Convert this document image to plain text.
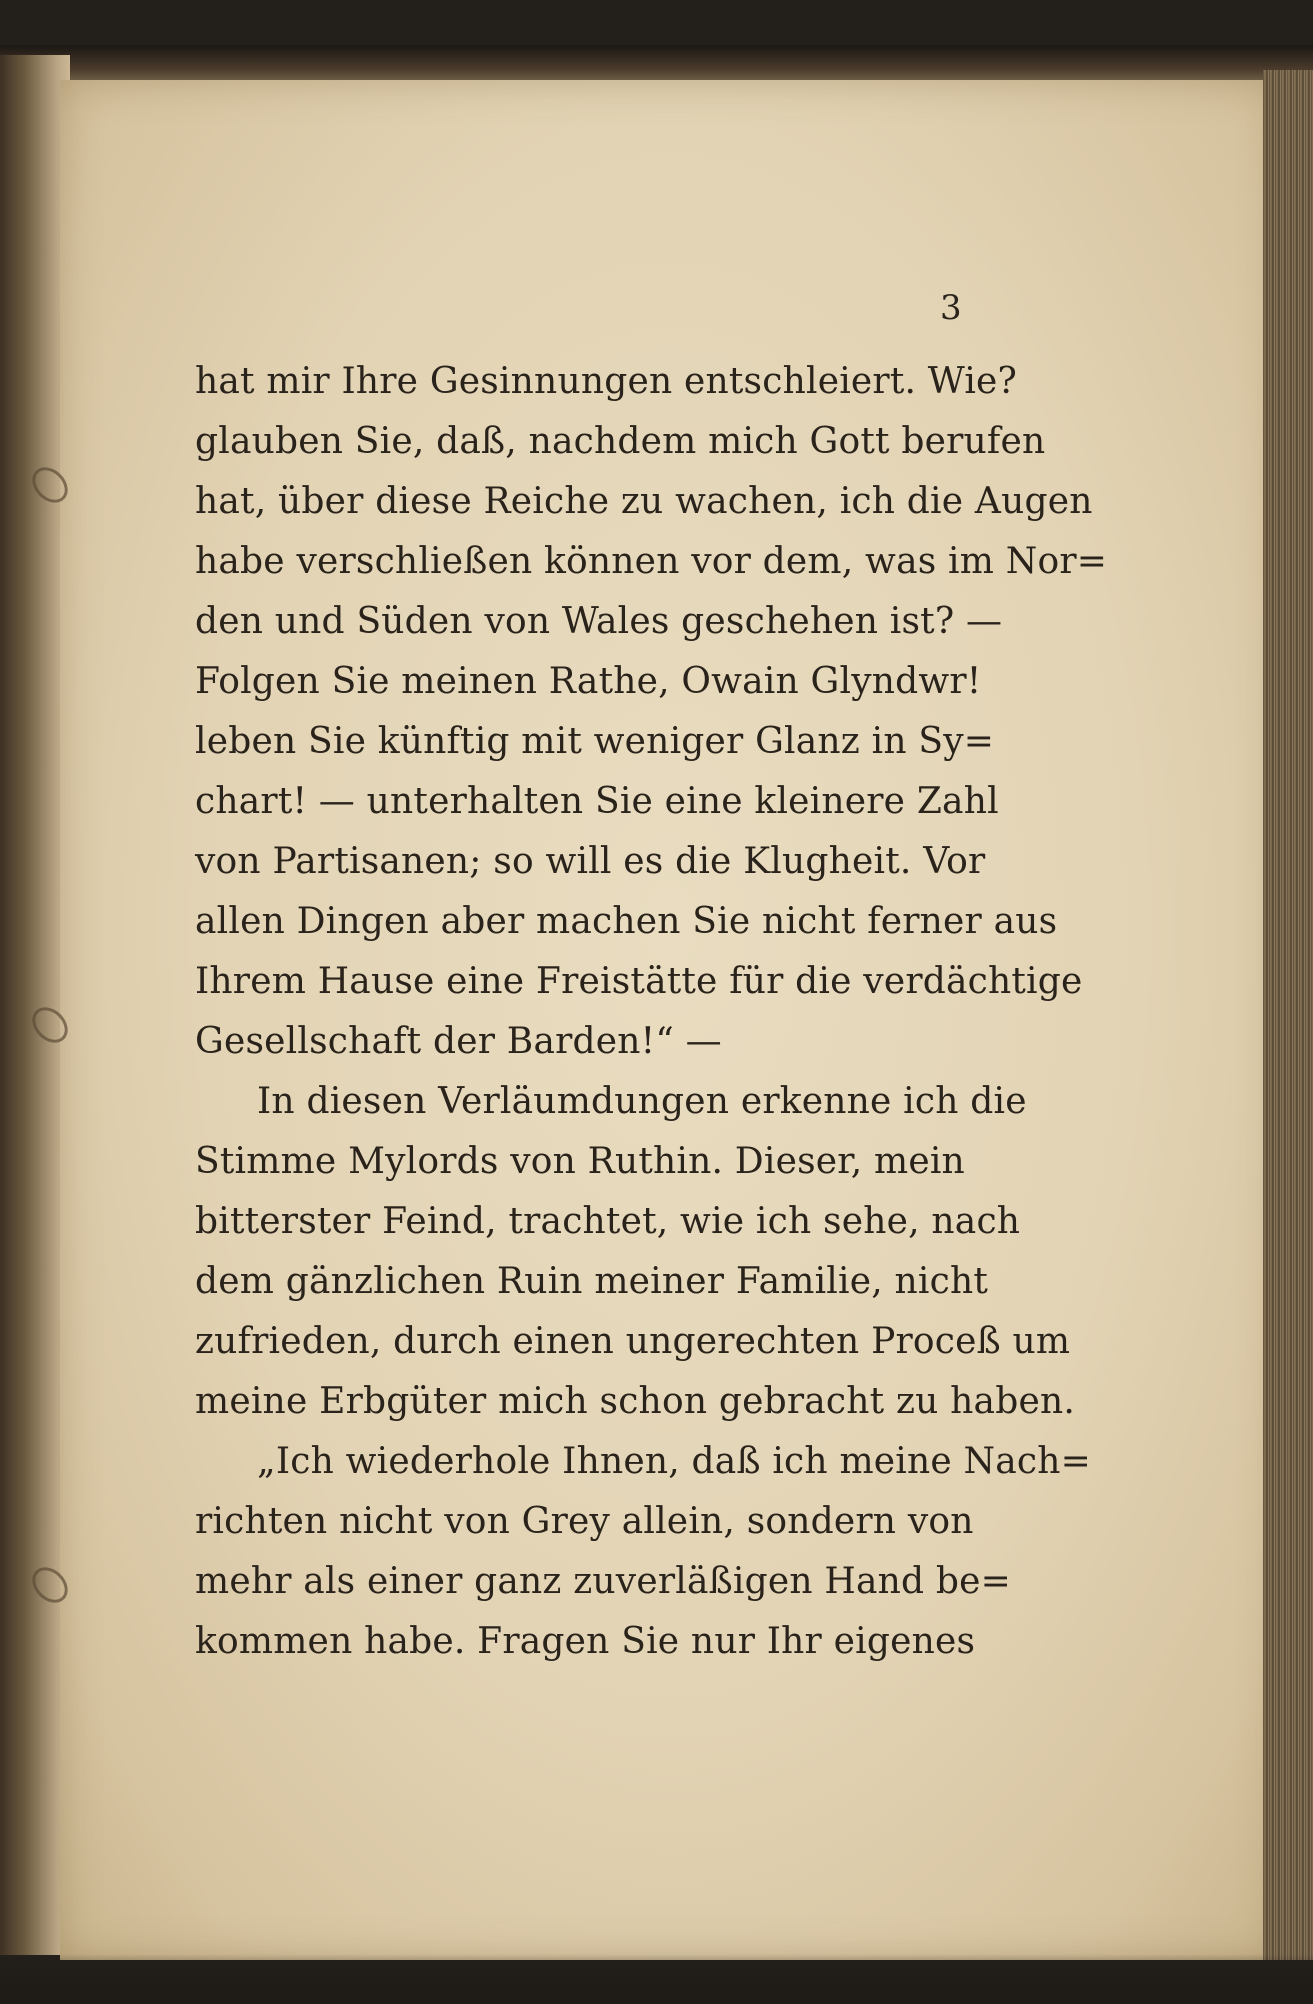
3
hat mir Ihre Gesinnungen entschleiert. Wie?
glauben Sie, daß, nachdem mich Gott berufen
hat, über diese Reiche zu wachen, ich die Augen
habe verschließen können vor dem, was im Nor=
den und Süden von Wales geschehen ist? —
Folgen Sie meinen Rathe, Owain Glyndwr!
leben Sie künftig mit weniger Glanz in Sy=
chart! — unterhalten Sie eine kleinere Zahl
von Partisanen; so will es die Klugheit. Vor
allen Dingen aber machen Sie nicht ferner aus
Ihrem Hause eine Freistätte für die verdächtige
Gesellschaft der Barden!“ —
In diesen Verläumdungen erkenne ich die
Stimme Mylords von Ruthin. Dieser, mein
bitterster Feind, trachtet, wie ich sehe, nach
dem gänzlichen Ruin meiner Familie, nicht
zufrieden, durch einen ungerechten Proceß um
meine Erbgüter mich schon gebracht zu haben.
„Ich wiederhole Ihnen, daß ich meine Nach=
richten nicht von Grey allein, sondern von
mehr als einer ganz zuverläßigen Hand be=
kommen habe. Fragen Sie nur Ihr eigenes
